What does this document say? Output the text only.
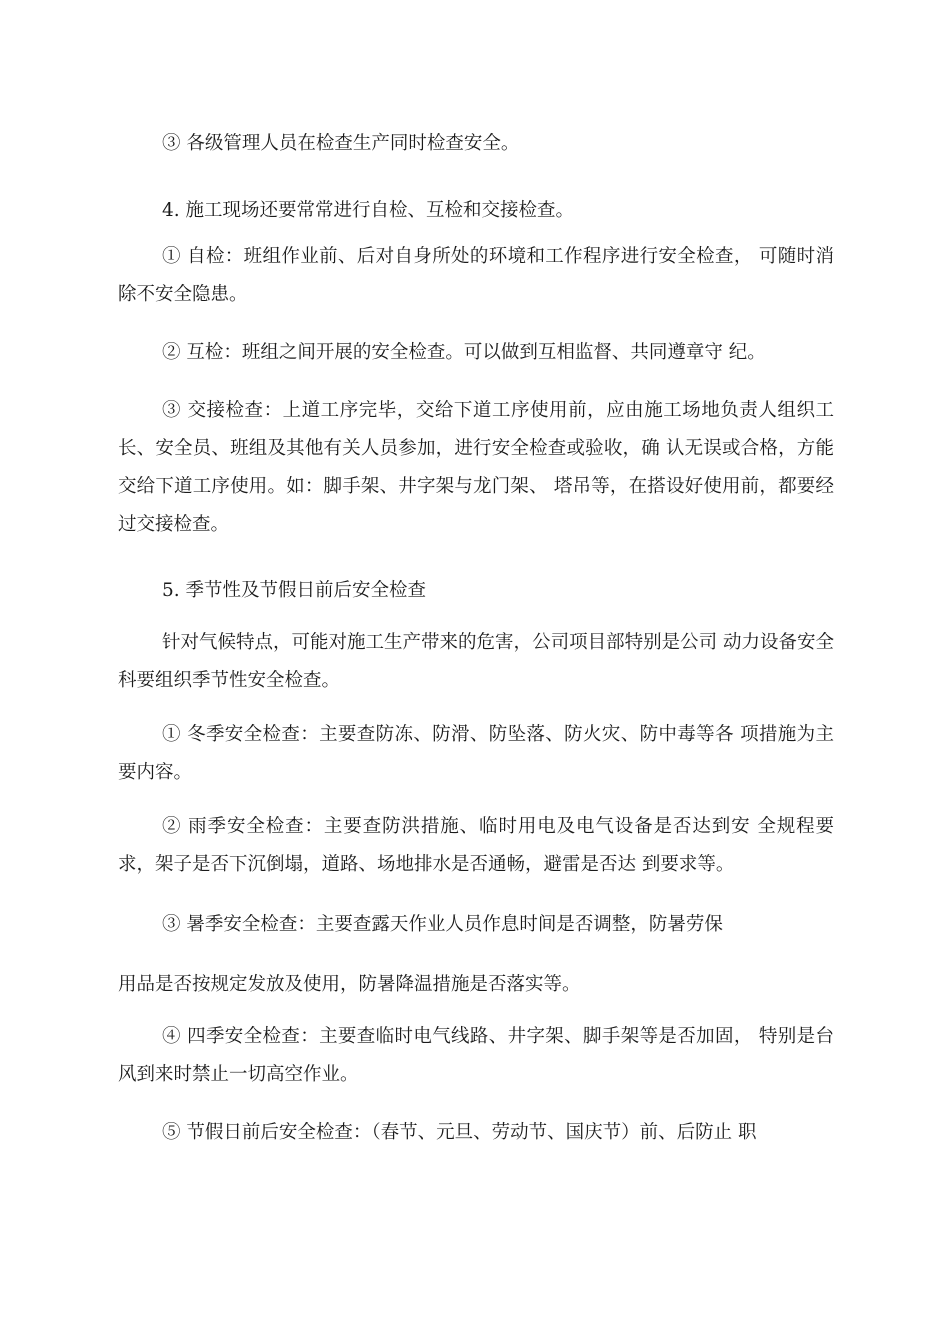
③ 各级管理人员在检查生产同时检查安全。

4. 施工现场还要常常进行自检、互检和交接检查。

① 自检：班组作业前、后对自身所处的环境和工作程序进行安全检查， 可随时消除不安全隐患。

② 互检：班组之间开展的安全检查。可以做到互相监督、共同遵章守 纪。

③ 交接检查：上道工序完毕，交给下道工序使用前，应由施工场地负责人组织工长、安全员、班组及其他有关人员参加，进行安全检查或验收，确 认无误或合格，方能交给下道工序使用。如：脚手架、井字架与龙门架、 塔吊等，在搭设好使用前，都要经过交接检查。

5. 季节性及节假日前后安全检查

针对气候特点，可能对施工生产带来的危害，公司项目部特别是公司 动力设备安全科要组织季节性安全检查。

① 冬季安全检查：主要查防冻、防滑、防坠落、防火灾、防中毒等各 项措施为主要内容。

② 雨季安全检查：主要查防洪措施、临时用电及电气设备是否达到安 全规程要求，架子是否下沉倒塌，道路、场地排水是否通畅，避雷是否达 到要求等。

③ 暑季安全检查：主要查露天作业人员作息时间是否调整，防暑劳保

用品是否按规定发放及使用，防暑降温措施是否落实等。

④ 四季安全检查：主要查临时电气线路、井字架、脚手架等是否加固， 特别是台风到来时禁止一切高空作业。

⑤ 节假日前后安全检查：（春节、元旦、劳动节、国庆节）前、后防止 职
